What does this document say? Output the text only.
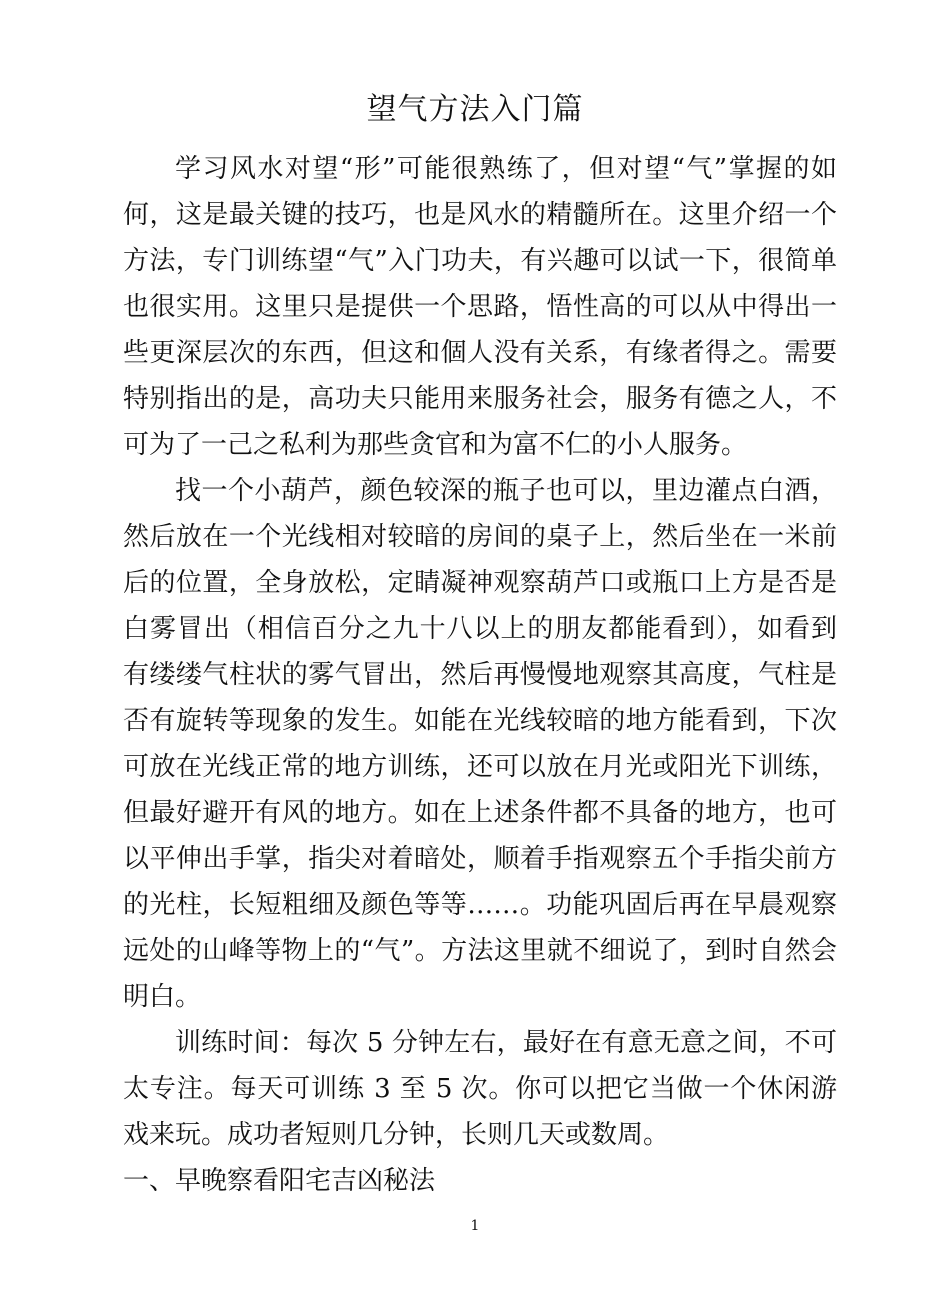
望气方法入门篇

学习风水对望“形”可能很熟练了，但对望“气”掌握的如何，这是最关键的技巧，也是风水的精髓所在。这里介绍一个方法，专门训练望“气”入门功夫，有兴趣可以试一下，很简单也很实用。这里只是提供一个思路，悟性高的可以从中得出一些更深层次的东西，但这和個人没有关系，有缘者得之。需要特别指出的是，高功夫只能用来服务社会，服务有德之人，不可为了一己之私利为那些贪官和为富不仁的小人服务。

找一个小葫芦，颜色较深的瓶子也可以，里边灌点白酒，然后放在一个光线相对较暗的房间的桌子上，然后坐在一米前后的位置，全身放松，定睛凝神观察葫芦口或瓶口上方是否是白雾冒出（相信百分之九十八以上的朋友都能看到），如看到有缕缕气柱状的雾气冒出，然后再慢慢地观察其高度，气柱是否有旋转等现象的发生。如能在光线较暗的地方能看到，下次可放在光线正常的地方训练，还可以放在月光或阳光下训练，但最好避开有风的地方。如在上述条件都不具备的地方，也可以平伸出手掌，指尖对着暗处，顺着手指观察五个手指尖前方的光柱，长短粗细及颜色等等……。功能巩固后再在早晨观察远处的山峰等物上的“气”。方法这里就不细说了，到时自然会明白。

训练时间：每次 5 分钟左右，最好在有意无意之间，不可太专注。每天可训练 3 至 5 次。你可以把它当做一个休闲游戏来玩。成功者短则几分钟，长则几天或数周。

一、早晚察看阳宅吉凶秘法

1
